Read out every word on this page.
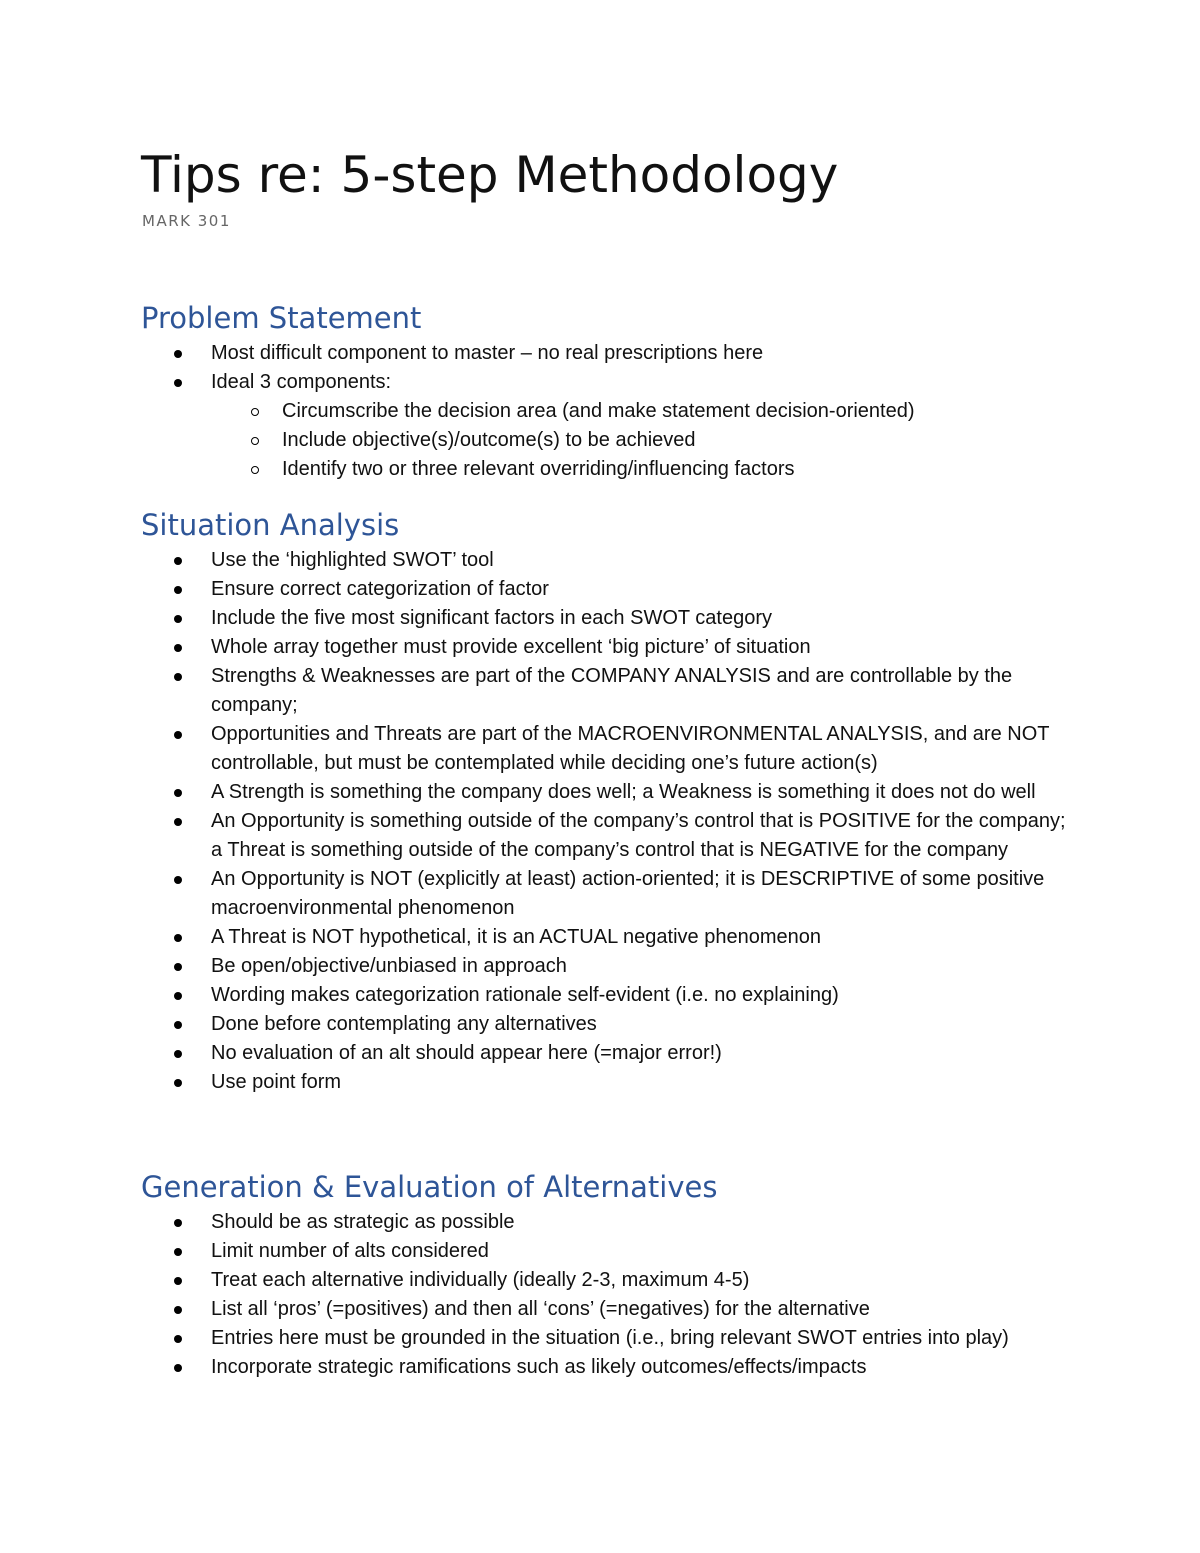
Tips re: 5-step Methodology
MARK 301
Problem Statement
Most difficult component to master – no real prescriptions here
Ideal 3 components:
Circumscribe the decision area (and make statement decision-oriented)
Include objective(s)/outcome(s) to be achieved
Identify two or three relevant overriding/influencing factors
Situation Analysis
Use the ‘highlighted SWOT’ tool
Ensure correct categorization of factor
Include the five most significant factors in each SWOT category
Whole array together must provide excellent ‘big picture’ of situation
Strengths & Weaknesses are part of the COMPANY ANALYSIS and are controllable by the company;
Opportunities and Threats are part of the MACROENVIRONMENTAL ANALYSIS, and are NOT controllable, but must be contemplated while deciding one’s future action(s)
A Strength is something the company does well; a Weakness is something it does not do well
An Opportunity is something outside of the company’s control that is POSITIVE for the company; a Threat is something outside of the company’s control that is NEGATIVE for the company
An Opportunity is NOT (explicitly at least) action-oriented; it is DESCRIPTIVE of some positive macroenvironmental phenomenon
A Threat is NOT hypothetical, it is an ACTUAL negative phenomenon
Be open/objective/unbiased in approach
Wording makes categorization rationale self-evident (i.e. no explaining)
Done before contemplating any alternatives
No evaluation of an alt should appear here (=major error!)
Use point form
Generation & Evaluation of Alternatives
Should be as strategic as possible
Limit number of alts considered
Treat each alternative individually (ideally 2-3, maximum 4-5)
List all ‘pros’ (=positives) and then all ‘cons’ (=negatives) for the alternative
Entries here must be grounded in the situation (i.e., bring relevant SWOT entries into play)
Incorporate strategic ramifications such as likely outcomes/effects/impacts
